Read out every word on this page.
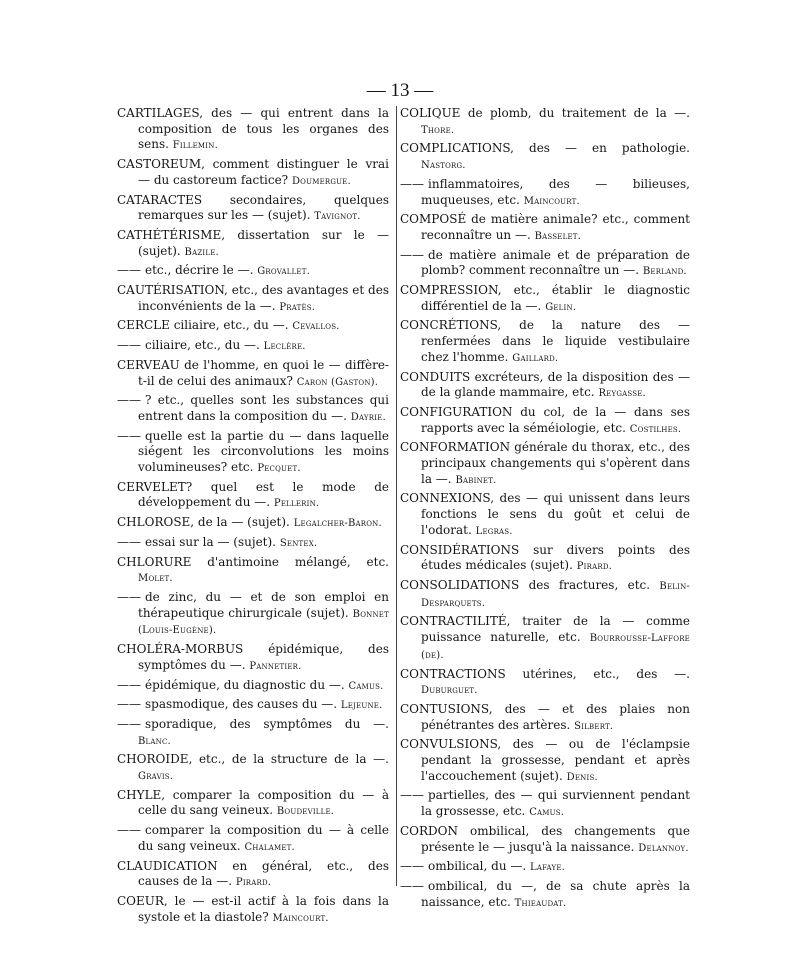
— 13 —

CARTILAGES, des — qui entrent dans la composition de tous les organes des sens. Fillemin.

CASTOREUM, comment distinguer le vrai — du castoreum factice? Doumergue.

CATARACTES secondaires, quelques remarques sur les — (sujet). Tavignot.

CATHÉTÉRISME, dissertation sur le — (sujet). Bazile.

—— etc., décrire le —. Grovallet.

CAUTÉRISATION, etc., des avantages et des inconvénients de la —. Pratès.

CERCLE ciliaire, etc., du —. Cevallos.

—— ciliaire, etc., du —. Leclère.

CERVEAU de l'homme, en quoi le — diffère-t-il de celui des animaux? Caron (Gaston).

—— ? etc., quelles sont les substances qui entrent dans la composition du —. Dayrie.

—— quelle est la partie du — dans laquelle siégent les circonvolutions les moins volumineuses? etc. Pecquet.

CERVELET? quel est le mode de développement du —. Pellerin.

CHLOROSE, de la — (sujet). Legalcher-Baron.

—— essai sur la — (sujet). Sentex.

CHLORURE d'antimoine mélangé, etc. Molet.

—— de zinc, du — et de son emploi en thérapeutique chirurgicale (sujet). Bonnet (Louis-Eugène).

CHOLÉRA-MORBUS épidémique, des symptômes du —. Pannetier.

—— épidémique, du diagnostic du —. Camus.

—— spasmodique, des causes du —. Lejeune.

—— sporadique, des symptômes du —. Blanc.

CHOROIDE, etc., de la structure de la —. Gravis.

CHYLE, comparer la composition du — à celle du sang veineux. Boudeville.

—— comparer la composition du — à celle du sang veineux. Chalamet.

CLAUDICATION en général, etc., des causes de la —. Pirard.

COEUR, le — est-il actif à la fois dans la systole et la diastole? Maincourt.

COLIQUE de plomb, du traitement de la —. Thore.

COMPLICATIONS, des — en pathologie. Nastorg.

—— inflammatoires, des — bilieuses, muqueuses, etc. Maincourt.

COMPOSÉ de matière animale? etc., comment reconnaître un —. Basselet.

—— de matière animale et de préparation de plomb? comment reconnaître un —. Berland.

COMPRESSION, etc., établir le diagnostic différentiel de la —. Gelin.

CONCRÉTIONS, de la nature des — renfermées dans le liquide vestibulaire chez l'homme. Gaillard.

CONDUITS excréteurs, de la disposition des — de la glande mammaire, etc. Reygasse.

CONFIGURATION du col, de la — dans ses rapports avec la séméiologie, etc. Costilhes.

CONFORMATION générale du thorax, etc., des principaux changements qui s'opèrent dans la —. Babinet.

CONNEXIONS, des — qui unissent dans leurs fonctions le sens du goût et celui de l'odorat. Legras.

CONSIDÉRATIONS sur divers points des études médicales (sujet). Pirard.

CONSOLIDATIONS des fractures, etc. Belin-Desparquets.

CONTRACTILITÉ, traiter de la — comme puissance naturelle, etc. Bourrousse-Laffore (de).

CONTRACTIONS utérines, etc., des —. Duburguet.

CONTUSIONS, des — et des plaies non pénétrantes des artères. Silbert.

CONVULSIONS, des — ou de l'éclampsie pendant la grossesse, pendant et après l'accouchement (sujet). Denis.

—— partielles, des — qui surviennent pendant la grossesse, etc. Camus.

CORDON ombilical, des changements que présente le — jusqu'à la naissance. Delannoy.

—— ombilical, du —. Lafaye.

—— ombilical, du —, de sa chute après la naissance, etc. Thieaudat.
